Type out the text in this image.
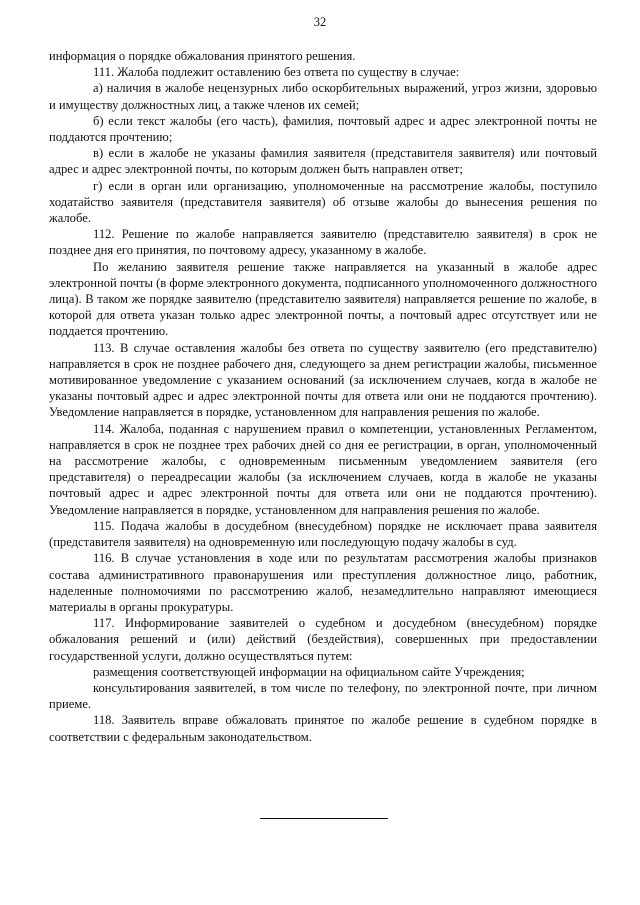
32

информация о порядке обжалования принятого решения.

111. Жалоба подлежит оставлению без ответа по существу в случае:

а) наличия в жалобе нецензурных либо оскорбительных выражений, угроз жизни, здоровью и имуществу должностных лиц, а также членов их семей;

б) если текст жалобы (его часть), фамилия, почтовый адрес и адрес электронной почты не поддаются прочтению;

в) если в жалобе не указаны фамилия заявителя (представителя заявителя) или почтовый адрес и адрес электронной почты, по которым должен быть направлен ответ;

г) если в орган или организацию, уполномоченные на рассмотрение жалобы, поступило ходатайство заявителя (представителя заявителя) об отзыве жалобы до вынесения решения по жалобе.

112. Решение по жалобе направляется заявителю (представителю заявителя) в срок не позднее дня его принятия, по почтовому адресу, указанному в жалобе.

По желанию заявителя решение также направляется на указанный в жалобе адрес электронной почты (в форме электронного документа, подписанного уполномоченного должностного лица). В таком же порядке заявителю (представителю заявителя) направляется решение по жалобе, в которой для ответа указан только адрес электронной почты, а почтовый адрес отсутствует или не поддается прочтению.

113. В случае оставления жалобы без ответа по существу заявителю (его представителю) направляется в срок не позднее рабочего дня, следующего за днем регистрации жалобы, письменное мотивированное уведомление с указанием оснований (за исключением случаев, когда в жалобе не указаны почтовый адрес и адрес электронной почты для ответа или они не поддаются прочтению). Уведомление направляется в порядке, установленном для направления решения по жалобе.

114. Жалоба, поданная с нарушением правил о компетенции, установленных Регламентом, направляется в срок не позднее трех рабочих дней со дня ее регистрации, в орган, уполномоченный на рассмотрение жалобы, с одновременным письменным уведомлением заявителя (его представителя) о переадресации жалобы (за исключением случаев, когда в жалобе не указаны почтовый адрес и адрес электронной почты для ответа или они не поддаются прочтению). Уведомление направляется в порядке, установленном для направления решения по жалобе.

115. Подача жалобы в досудебном (внесудебном) порядке не исключает права заявителя (представителя заявителя) на одновременную или последующую подачу жалобы в суд.

116. В случае установления в ходе или по результатам рассмотрения жалобы признаков состава административного правонарушения или преступления должностное лицо, работник, наделенные полномочиями по рассмотрению жалоб, незамедлительно направляют имеющиеся материалы в органы прокуратуры.

117. Информирование заявителей о судебном и досудебном (внесудебном) порядке обжалования решений и (или) действий (бездействия), совершенных при предоставлении государственной услуги, должно осуществляться путем:

размещения соответствующей информации на официальном сайте Учреждения;

консультирования заявителей, в том числе по телефону, по электронной почте, при личном приеме.

118. Заявитель вправе обжаловать принятое по жалобе решение в судебном порядке в соответствии с федеральным законодательством.
